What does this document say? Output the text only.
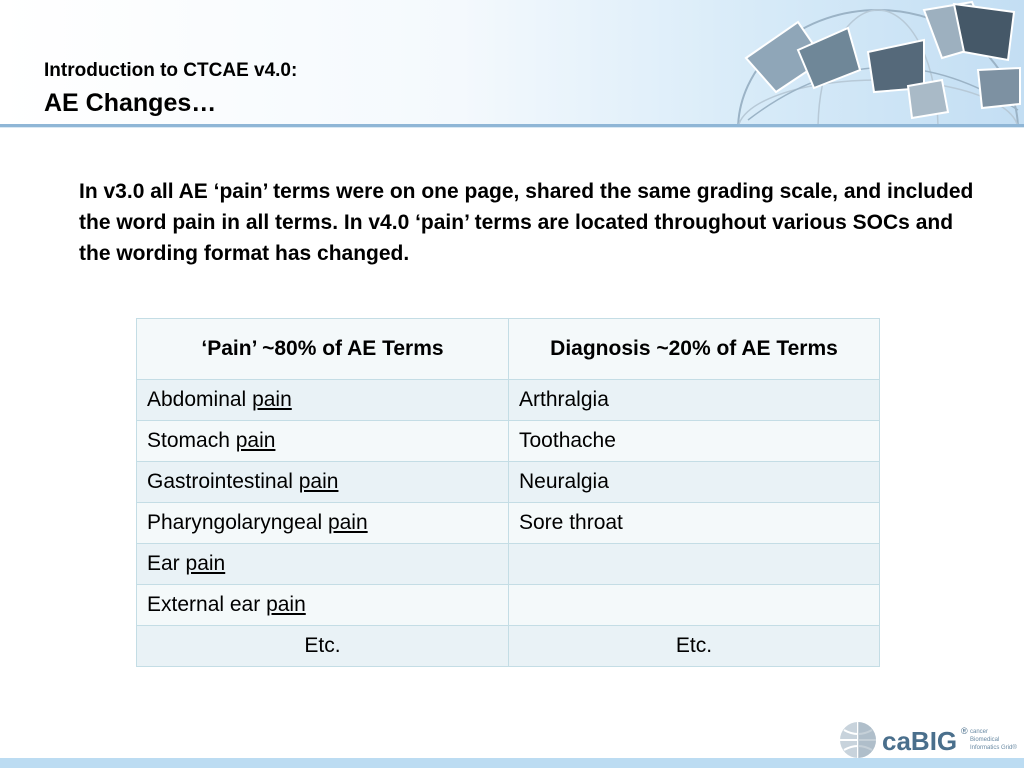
Introduction to CTCAE v4.0:

AE Changes…

In v3.0 all AE ‘pain’ terms were on one page, shared the same grading scale, and included the word pain in all terms. In v4.0 ‘pain’ terms are located throughout various SOCs and the wording format has changed.

‘Pain’ ~80% of AE Terms	Diagnosis ~20% of AE Terms
Abdominal pain	Arthralgia
Stomach pain	Toothache
Gastrointestinal pain	Neuralgia
Pharyngolaryngeal pain	Sore throat
Ear pain	
External ear pain	
Etc.	Etc.
caBIG ® cancer Biomedical Informatics Grid®
